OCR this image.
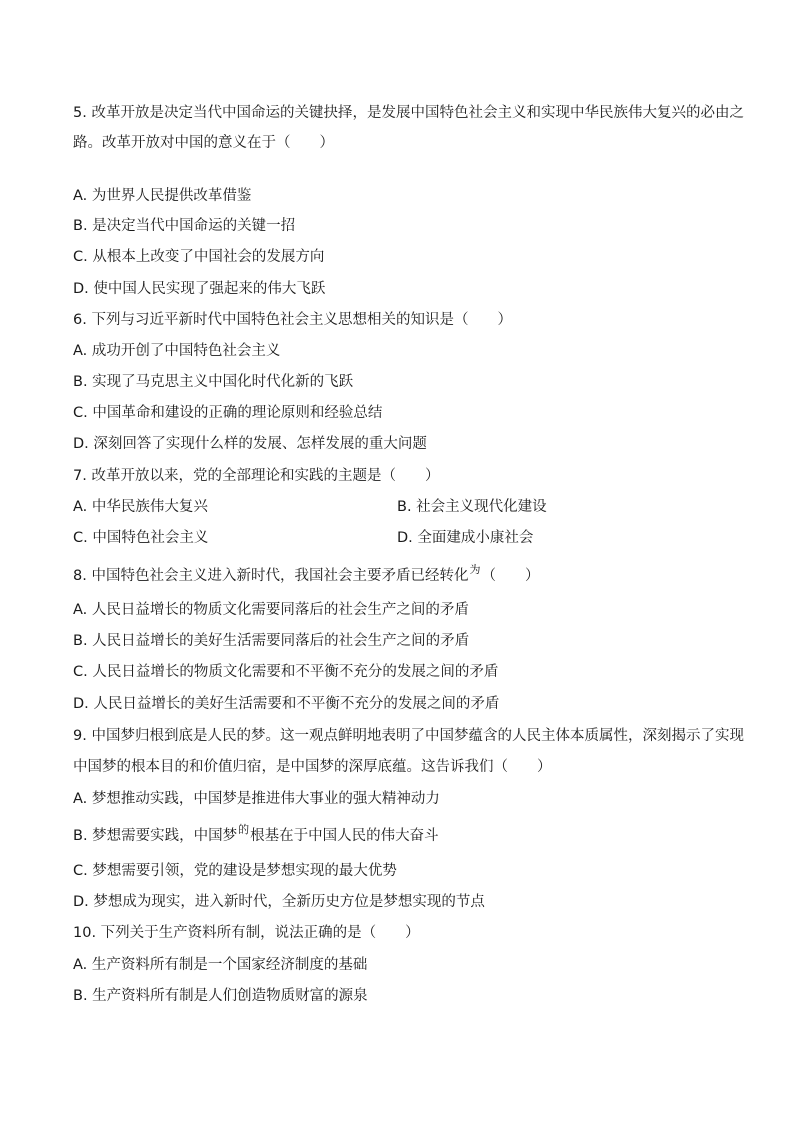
5. 改革开放是决定当代中国命运的关键抉择，是发展中国特色社会主义和实现中华民族伟大复兴的必由之
路。改革开放对中国的意义在于（　　）
A. 为世界人民提供改革借鉴
B. 是决定当代中国命运的关键一招
C. 从根本上改变了中国社会的发展方向
D. 使中国人民实现了强起来的伟大飞跃
6. 下列与习近平新时代中国特色社会主义思想相关的知识是（　　）
A. 成功开创了中国特色社会主义
B. 实现了马克思主义中国化时代化新的飞跃
C. 中国革命和建设的正确的理论原则和经验总结
D. 深刻回答了实现什么样的发展、怎样发展的重大问题
7. 改革开放以来，党的全部理论和实践的主题是（　　）
A. 中华民族伟大复兴	B. 社会主义现代化建设
C. 中国特色社会主义	D. 全面建成小康社会
8. 中国特色社会主义进入新时代，我国社会主要矛盾已经转化$^为$（　　）
A. 人民日益增长的物质文化需要同落后的社会生产之间的矛盾
B. 人民日益增长的美好生活需要同落后的社会生产之间的矛盾
C. 人民日益增长的物质文化需要和不平衡不充分的发展之间的矛盾
D. 人民日益增长的美好生活需要和不平衡不充分的发展之间的矛盾
9. 中国梦归根到底是人民的梦。这一观点鲜明地表明了中国梦蕴含的人民主体本质属性，深刻揭示了实现
中国梦的根本目的和价值归宿，是中国梦的深厚底蕴。这告诉我们（　　）
A. 梦想推动实践，中国梦是推进伟大事业的强大精神动力
B. 梦想需要实践，中国梦$^的$根基在于中国人民的伟大奋斗
C. 梦想需要引领，党的建设是梦想实现的最大优势
D. 梦想成为现实，进入新时代，全新历史方位是梦想实现的节点
10. 下列关于生产资料所有制，说法正确的是（　　）
A. 生产资料所有制是一个国家经济制度的基础
B. 生产资料所有制是人们创造物质财富的源泉
